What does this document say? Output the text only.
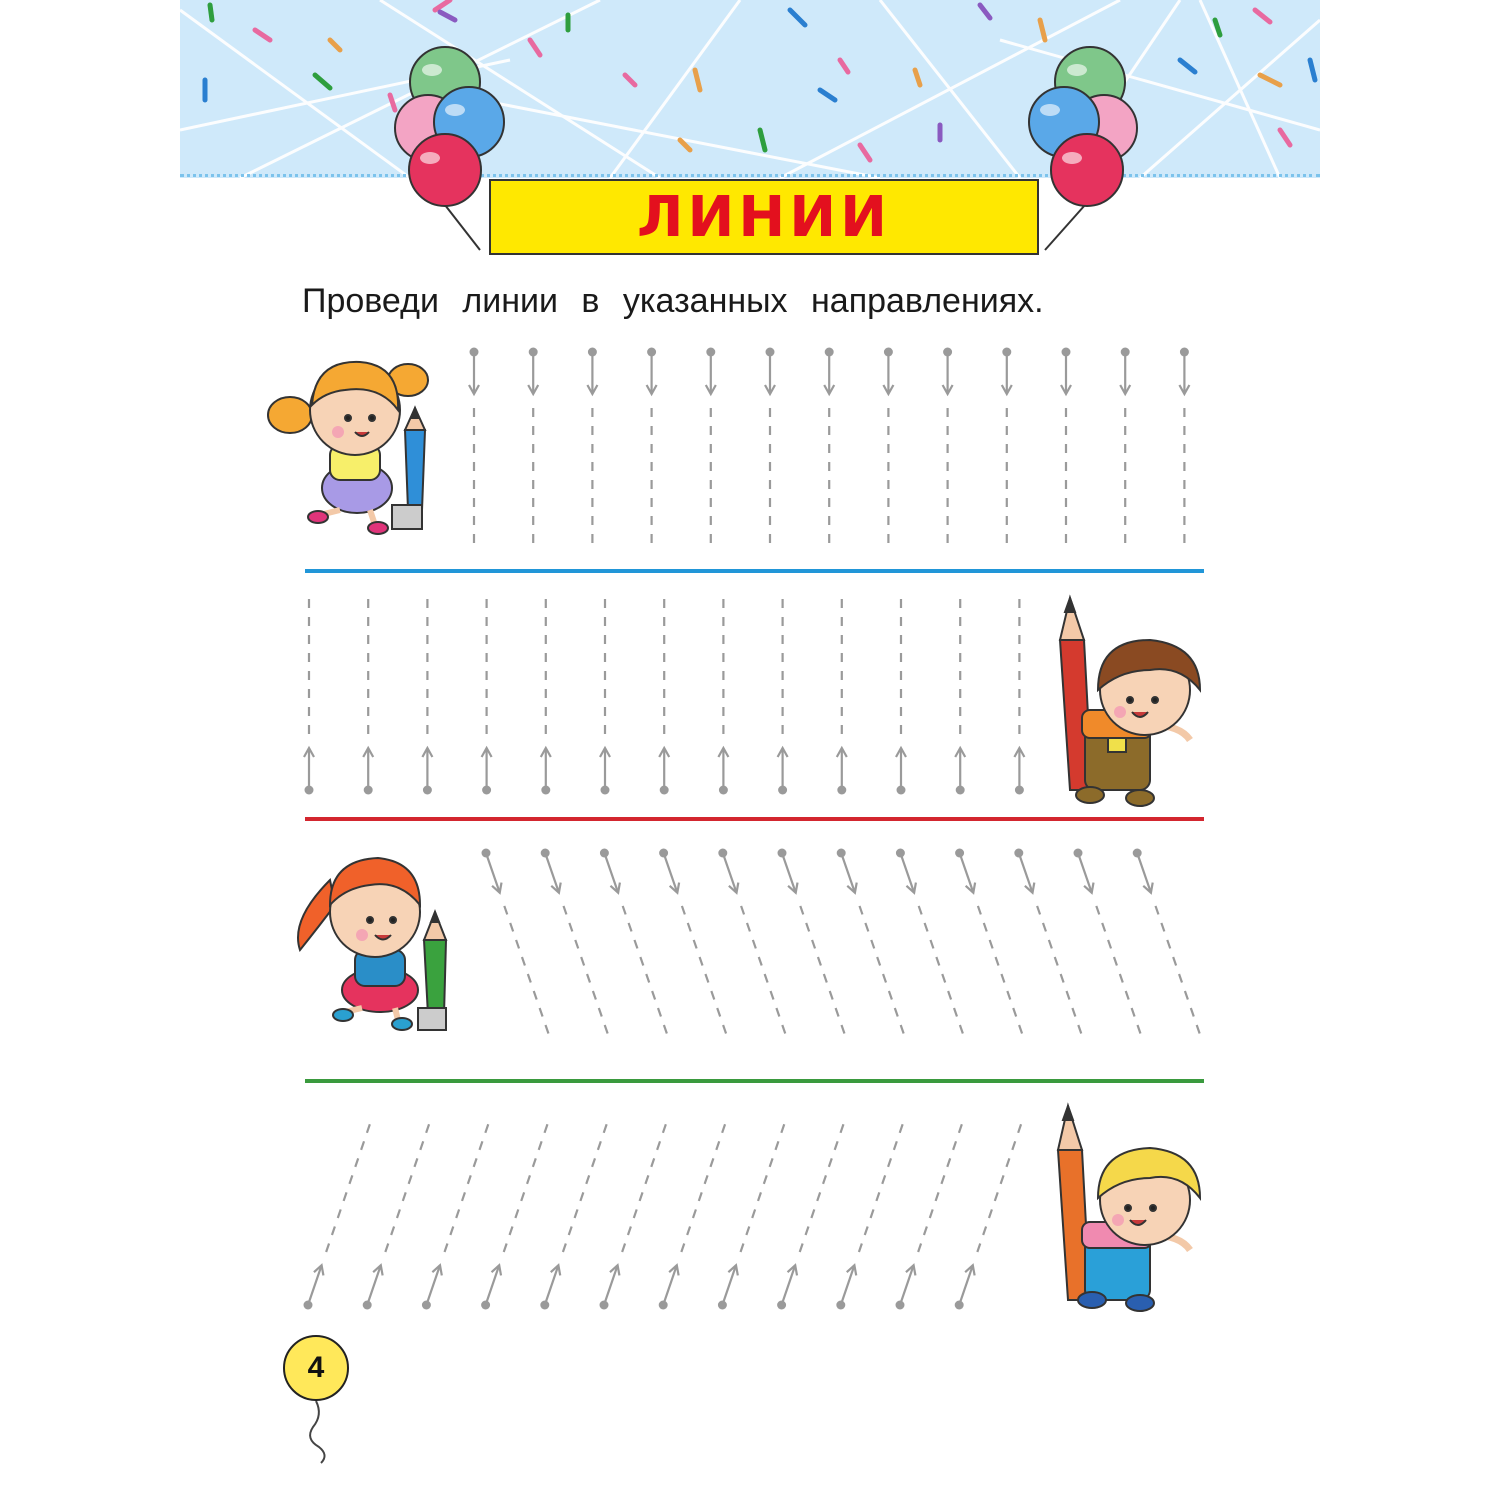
ЛИНИИ
Проведи линии в указанных направлениях.
4
